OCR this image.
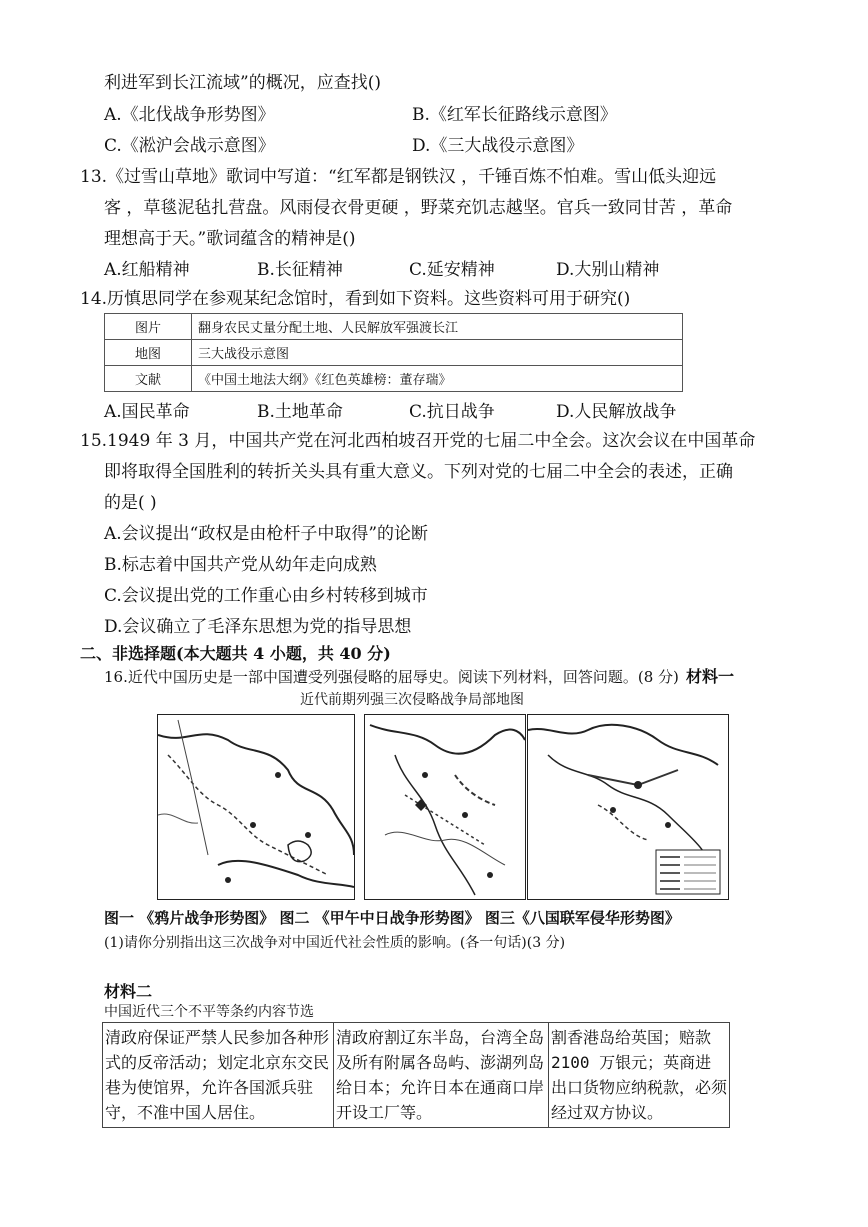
利进军到长江流域”的概况，应查找()
A.《北伐战争形势图》	B.《红军长征路线示意图》
C.《淞沪会战示意图》	D.《三大战役示意图》
13.《过雪山草地》歌词中写道：“红军都是钢铁汉 ，千锤百炼不怕难。雪山低头迎远
客 ，草毯泥毡扎营盘。风雨侵衣骨更硬 ，野菜充饥志越坚。官兵一致同甘苦 ，革命
理想高于天。”歌词蕴含的精神是()
A.红船精神	B.长征精神	C.延安精神	D.大别山精神
14.历慎思同学在参观某纪念馆时，看到如下资料。这些资料可用于研究()
图片	翻身农民丈量分配土地、人民解放军强渡长江
地图	三大战役示意图
文献	《中国土地法大纲》《红色英雄榜：董存瑞》
A.国民革命	B.土地革命	C.抗日战争	D.人民解放战争
15.1949 年 3 月，中国共产党在河北西柏坡召开党的七届二中全会。这次会议在中国革命
即将取得全国胜利的转折关头具有重大意义。下列对党的七届二中全会的表述，正确
的是( )
A.会议提出“政权是由枪杆子中取得”的论断
B.标志着中国共产党从幼年走向成熟
C.会议提出党的工作重心由乡村转移到城市
D.会议确立了毛泽东思想为党的指导思想
二、非选择题(本大题共 4 小题，共 40 分)
16.近代中国历史是一部中国遭受列强侵略的屈辱史。阅读下列材料，回答问题。(8 分) 材料一
近代前期列强三次侵略战争局部地图
图一 《鸦片战争形势图》 图二 《甲午中日战争形势图》 图三《八国联军侵华形势图》
(1)请你分别指出这三次战争对中国近代社会性质的影响。(各一句话)(3 分)
材料二
中国近代三个不平等条约内容节选
清政府保证严禁人民参加各种形式的反帝活动；划定北京东交民巷为使馆界，允许各国派兵驻守，不准中国人居住。	清政府割辽东半岛，台湾全岛及所有附属各岛屿、澎湖列岛给日本；允许日本在通商口岸开设工厂等。	割香港岛给英国；赔款 2100 万银元；英商进出口货物应纳税款，必须经过双方协议。
